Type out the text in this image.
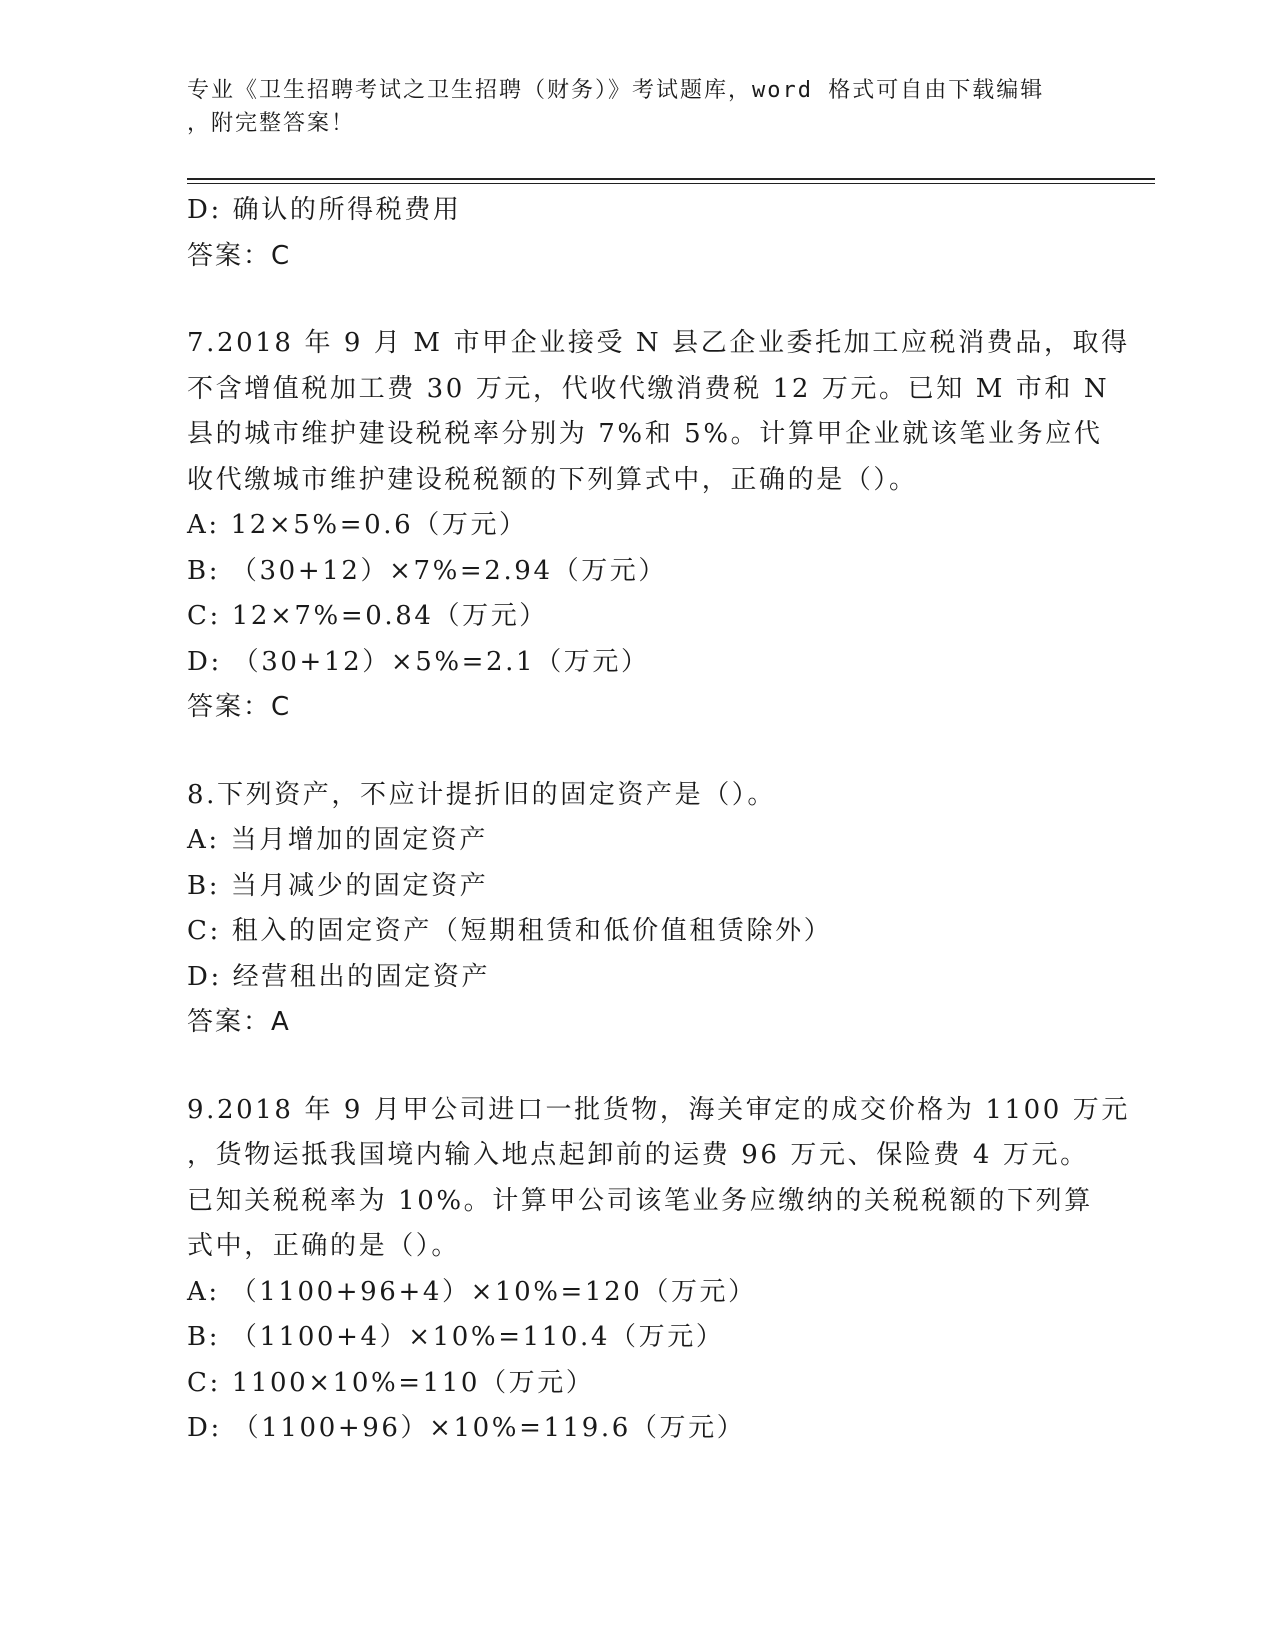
专业《卫生招聘考试之卫生招聘（财务）》考试题库，word 格式可自由下载编辑
，附完整答案！
D: 确认的所得税费用
答案：C
7.2018 年 9 月 M 市甲企业接受 N 县乙企业委托加工应税消费品，取得
不含增值税加工费 30 万元，代收代缴消费税 12 万元。已知 M 市和 N
县的城市维护建设税税率分别为 7%和 5%。计算甲企业就该笔业务应代
收代缴城市维护建设税税额的下列算式中，正确的是（）。
A: 12×5%=0.6（万元）
B: （30+12）×7%=2.94（万元）
C: 12×7%=0.84（万元）
D: （30+12）×5%=2.1（万元）
答案：C
8.下列资产，不应计提折旧的固定资产是（）。
A: 当月增加的固定资产
B: 当月减少的固定资产
C: 租入的固定资产（短期租赁和低价值租赁除外）
D: 经营租出的固定资产
答案：A
9.2018 年 9 月甲公司进口一批货物，海关审定的成交价格为 1100 万元
，货物运抵我国境内输入地点起卸前的运费 96 万元、保险费 4 万元。
已知关税税率为 10%。计算甲公司该笔业务应缴纳的关税税额的下列算
式中，正确的是（）。
A: （1100+96+4）×10%=120（万元）
B: （1100+4）×10%=110.4（万元）
C: 1100×10%=110（万元）
D: （1100+96）×10%=119.6（万元）
